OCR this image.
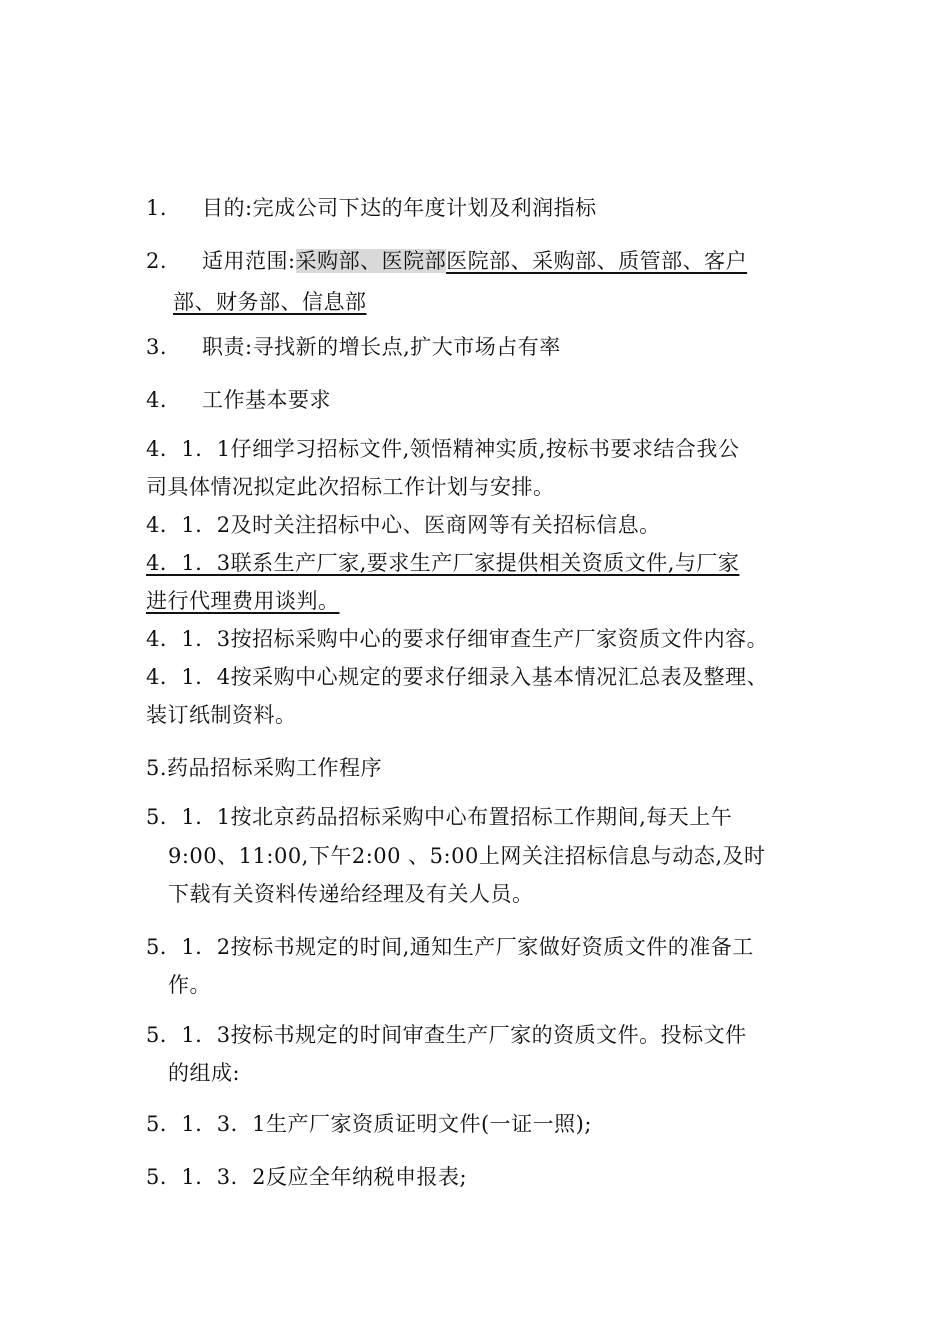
1. 目的:完成公司下达的年度计划及利润指标
2. 适用范围:采购部、医院部医院部、采购部、质管部、客户
部、财务部、信息部
3. 职责:寻找新的增长点,扩大市场占有率
4. 工作基本要求
4．1．1仔细学习招标文件,领悟精神实质,按标书要求结合我公
司具体情况拟定此次招标工作计划与安排。
4．1．2及时关注招标中心、医商网等有关招标信息。
4．1．3联系生产厂家,要求生产厂家提供相关资质文件,与厂家
进行代理费用谈判。
4．1．3按招标采购中心的要求仔细审查生产厂家资质文件内容。
4．1．4按采购中心规定的要求仔细录入基本情况汇总表及整理、
装订纸制资料。
5.药品招标采购工作程序
5．1．1按北京药品招标采购中心布置招标工作期间,每天上午
9:00、11:00,下午2:00 、5:00上网关注招标信息与动态,及时
下载有关资料传递给经理及有关人员。
5．1．2按标书规定的时间,通知生产厂家做好资质文件的准备工
作。
5．1．3按标书规定的时间审查生产厂家的资质文件。投标文件
的组成:
5．1．3．1生产厂家资质证明文件(一证一照);
5．1．3．2反应全年纳税申报表;
